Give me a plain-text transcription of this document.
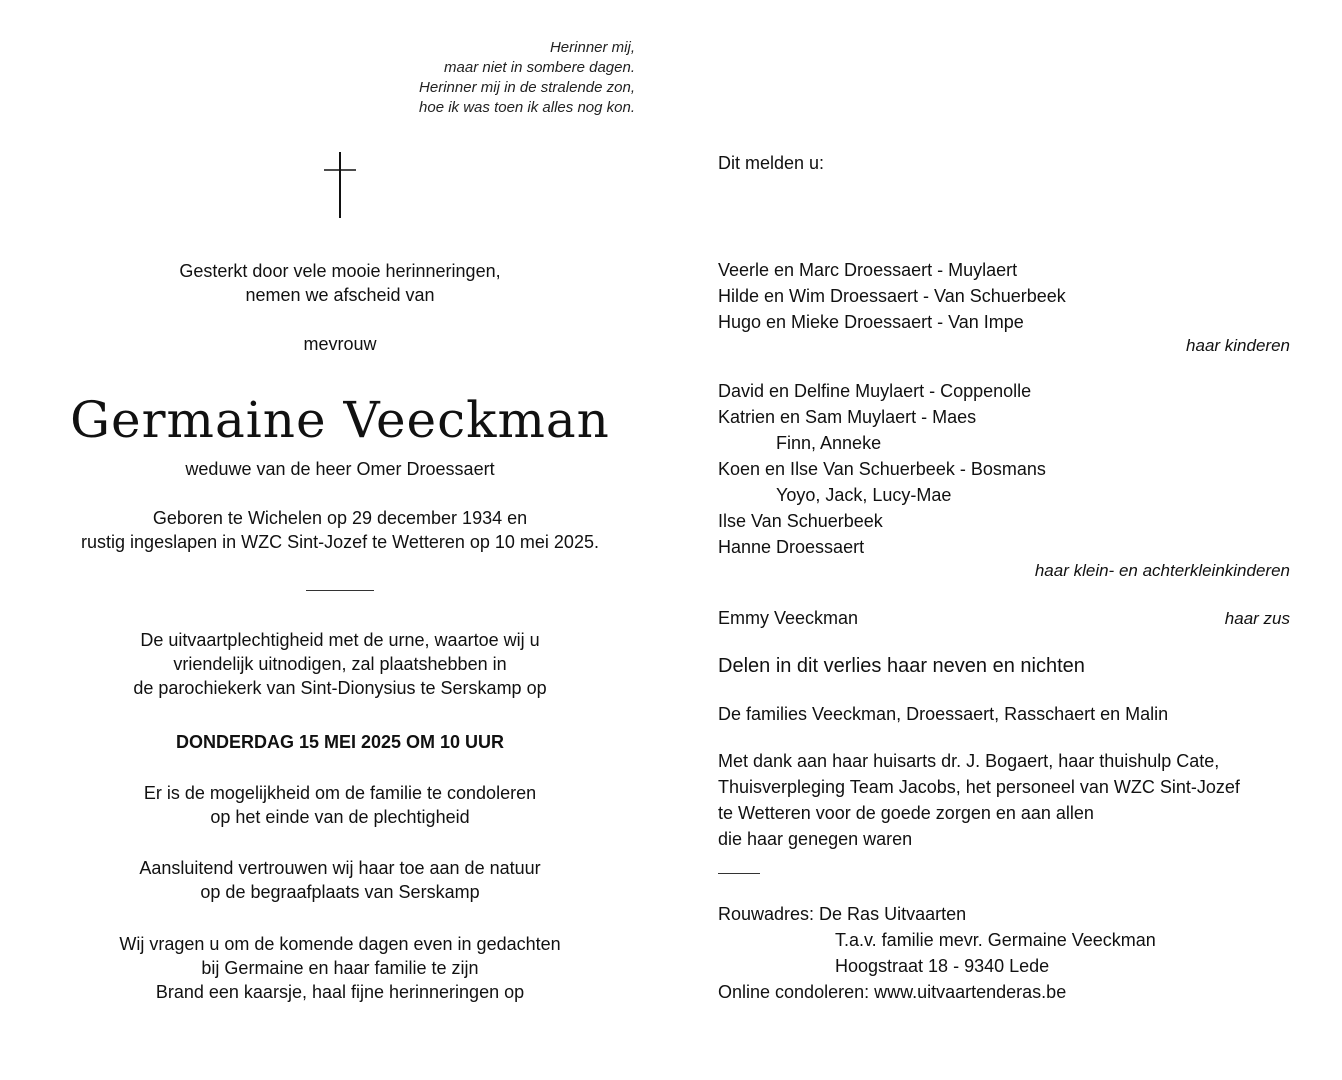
Herinner mij,
maar niet in sombere dagen.
Herinner mij in de stralende zon,
hoe ik was toen ik alles nog kon.

Gesterkt door vele mooie herinneringen,

nemen we afscheid van

mevrouw

Germaine Veeckman

weduwe van de heer Omer Droessaert

Geboren te Wichelen op 29 december 1934 en

rustig ingeslapen in WZC Sint-Jozef te Wetteren op 10 mei 2025.

De uitvaartplechtigheid met de urne, waartoe wij u

vriendelijk uitnodigen, zal plaatshebben in

de parochiekerk van Sint-Dionysius te Serskamp op

DONDERDAG 15 MEI 2025 OM 10 UUR

Er is de mogelijkheid om de familie te condoleren

op het einde van de plechtigheid

Aansluitend vertrouwen wij haar toe aan de natuur

op de begraafplaats van Serskamp

Wij vragen u om de komende dagen even in gedachten

bij Germaine en haar familie te zijn

Brand een kaarsje, haal fijne herinneringen op

Dit melden u:

Veerle en Marc Droessaert - Muylaert

Hilde en Wim Droessaert - Van Schuerbeek

Hugo en Mieke Droessaert - Van Impe

haar kinderen

David en Delfine Muylaert - Coppenolle

Katrien en Sam Muylaert - Maes

Finn, Anneke

Koen en Ilse Van Schuerbeek - Bosmans

Yoyo, Jack, Lucy-Mae

Ilse Van Schuerbeek

Hanne Droessaert

haar klein- en achterkleinkinderen
Emmy Veeckman	haar zus

Delen in dit verlies haar neven en nichten

De families Veeckman, Droessaert, Rasschaert en Malin

Met dank aan haar huisarts dr. J. Bogaert, haar thuishulp Cate,

Thuisverpleging Team Jacobs, het personeel van WZC Sint-Jozef

te Wetteren voor de goede zorgen en aan allen

die haar genegen waren

Rouwadres: De Ras Uitvaarten

T.a.v. familie mevr. Germaine Veeckman

Hoogstraat 18 - 9340 Lede

Online condoleren: www.uitvaartenderas.be
